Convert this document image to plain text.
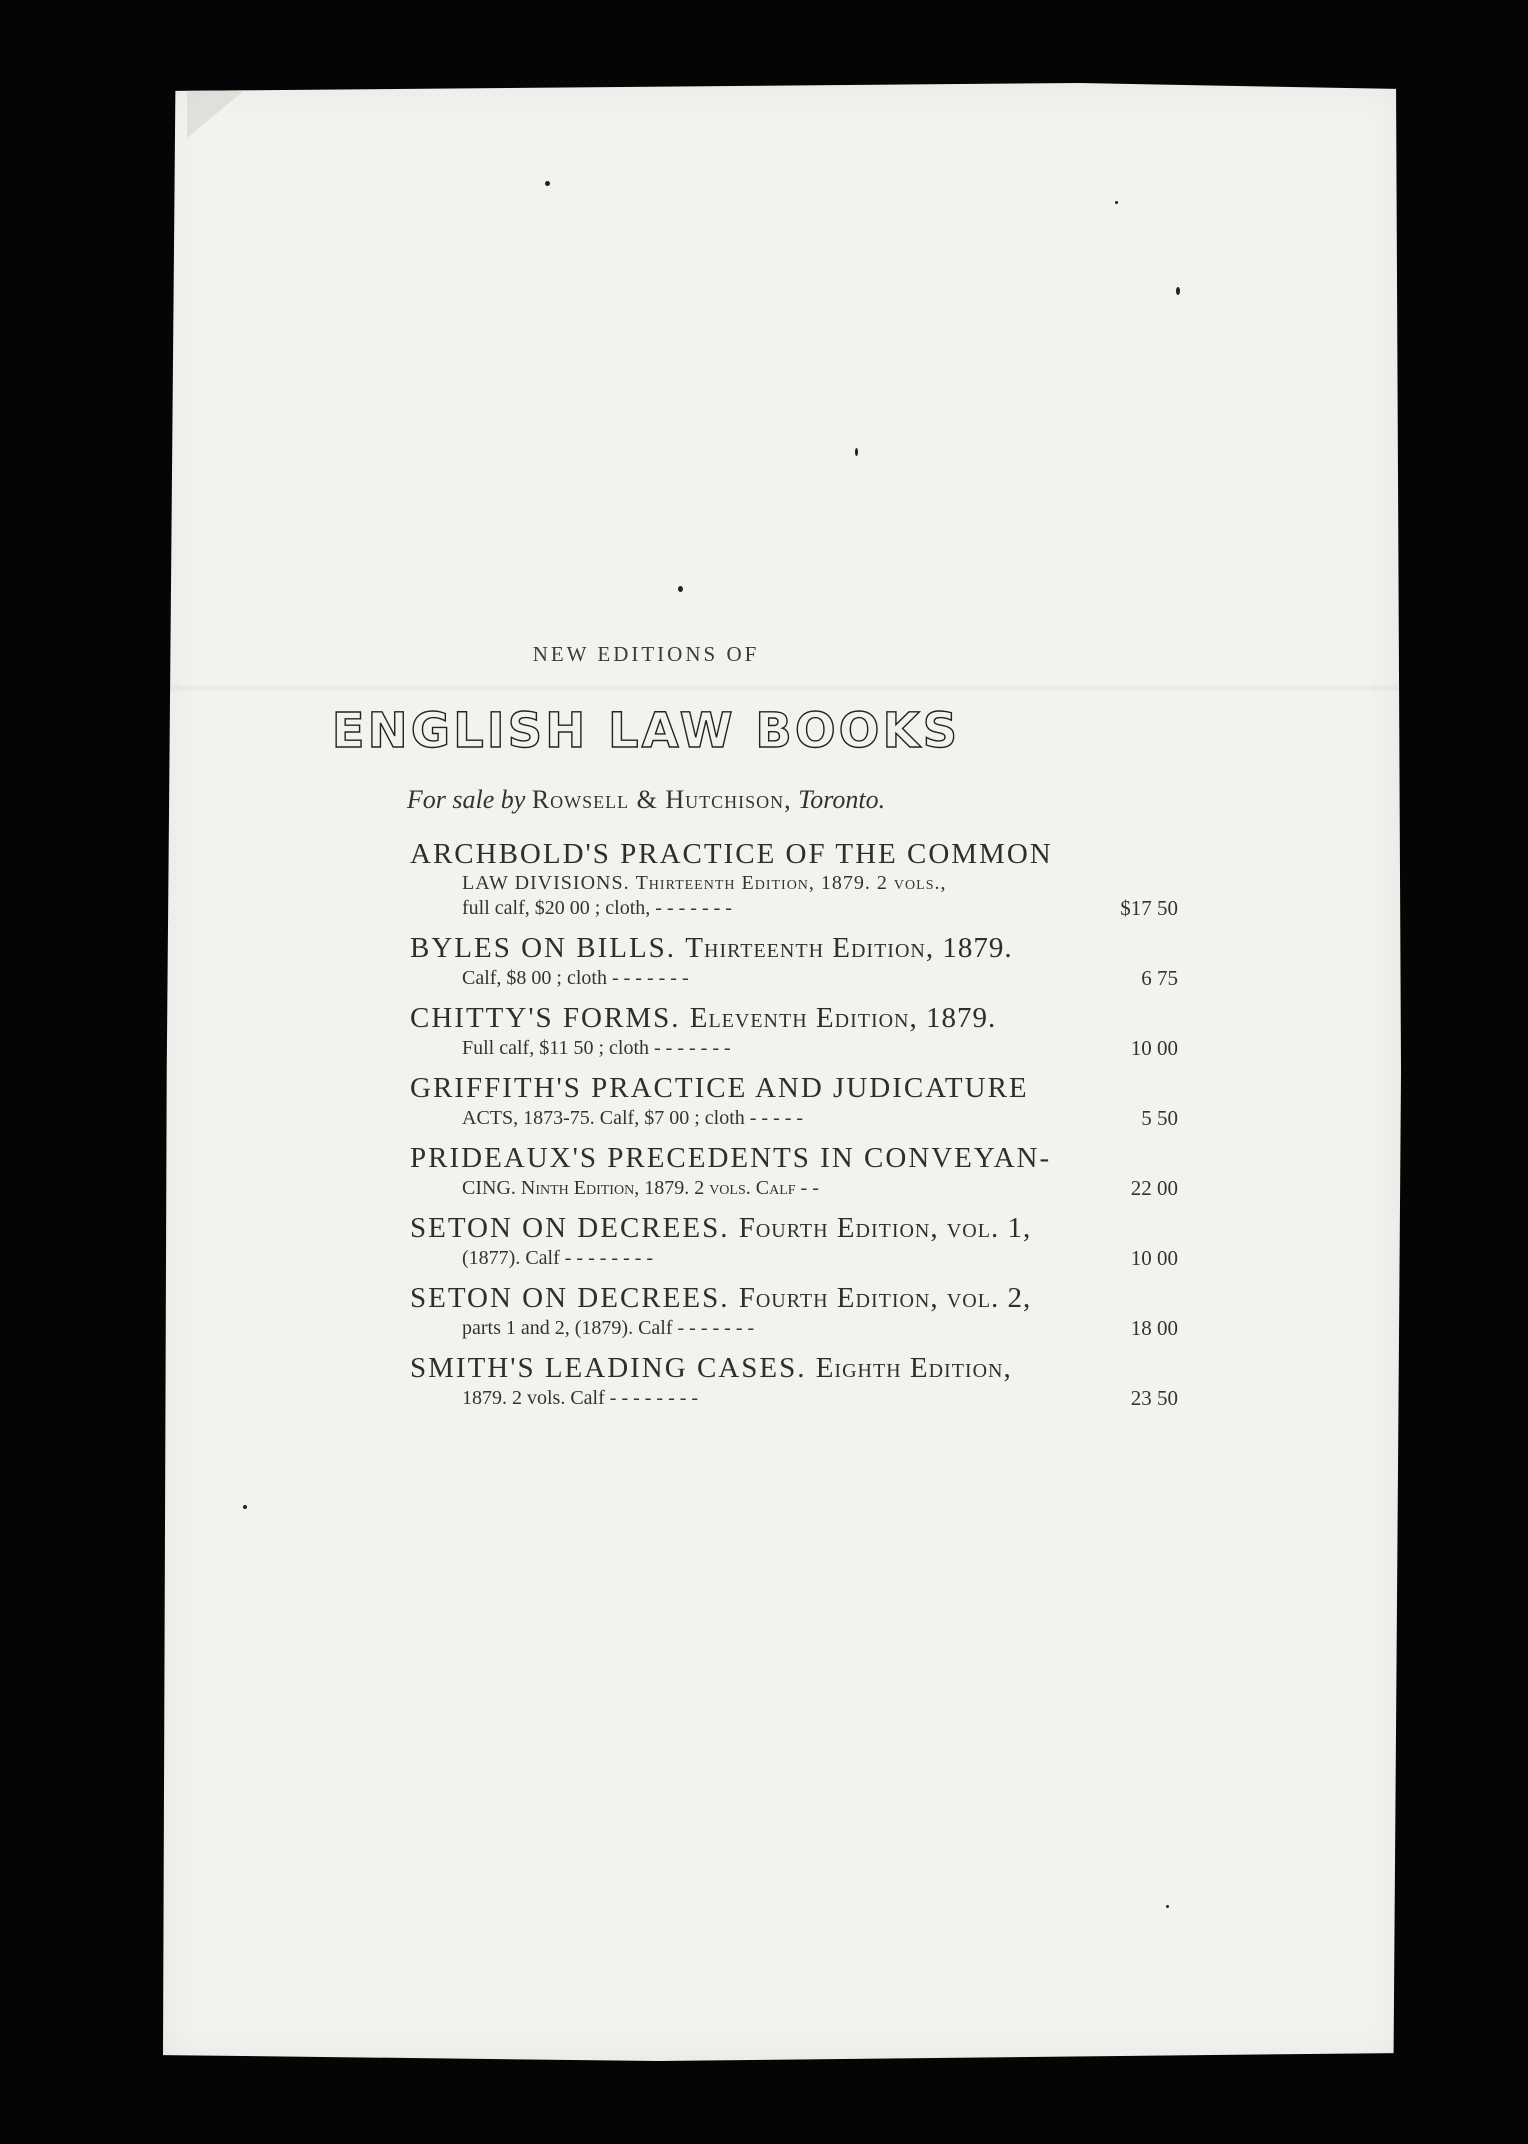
NEW EDITIONS OF
ENGLISH LAW BOOKS
For sale by Rowsell & Hutchison, Toronto.
ARCHBOLD'S PRACTICE OF THE COMMON
LAW DIVISIONS. Thirteenth Edition, 1879. 2 vols.,
full calf, $20 00 ; cloth, - - - - - - -	$17 50
BYLES ON BILLS. Thirteenth Edition, 1879.
Calf, $8 00 ; cloth - - - - - - -	6 75
CHITTY'S FORMS. Eleventh Edition, 1879.
Full calf, $11 50 ; cloth - - - - - - -	10 00
GRIFFITH'S PRACTICE AND JUDICATURE
ACTS, 1873-75. Calf, $7 00 ; cloth - - - - -	5 50
PRIDEAUX'S PRECEDENTS IN CONVEYAN-
CING. Ninth Edition, 1879. 2 vols. Calf - -	22 00
SETON ON DECREES. Fourth Edition, vol. 1,
(1877). Calf - - - - - - - -	10 00
SETON ON DECREES. Fourth Edition, vol. 2,
parts 1 and 2, (1879). Calf - - - - - - -	18 00
SMITH'S LEADING CASES. Eighth Edition,
1879. 2 vols. Calf - - - - - - - -	23 50
